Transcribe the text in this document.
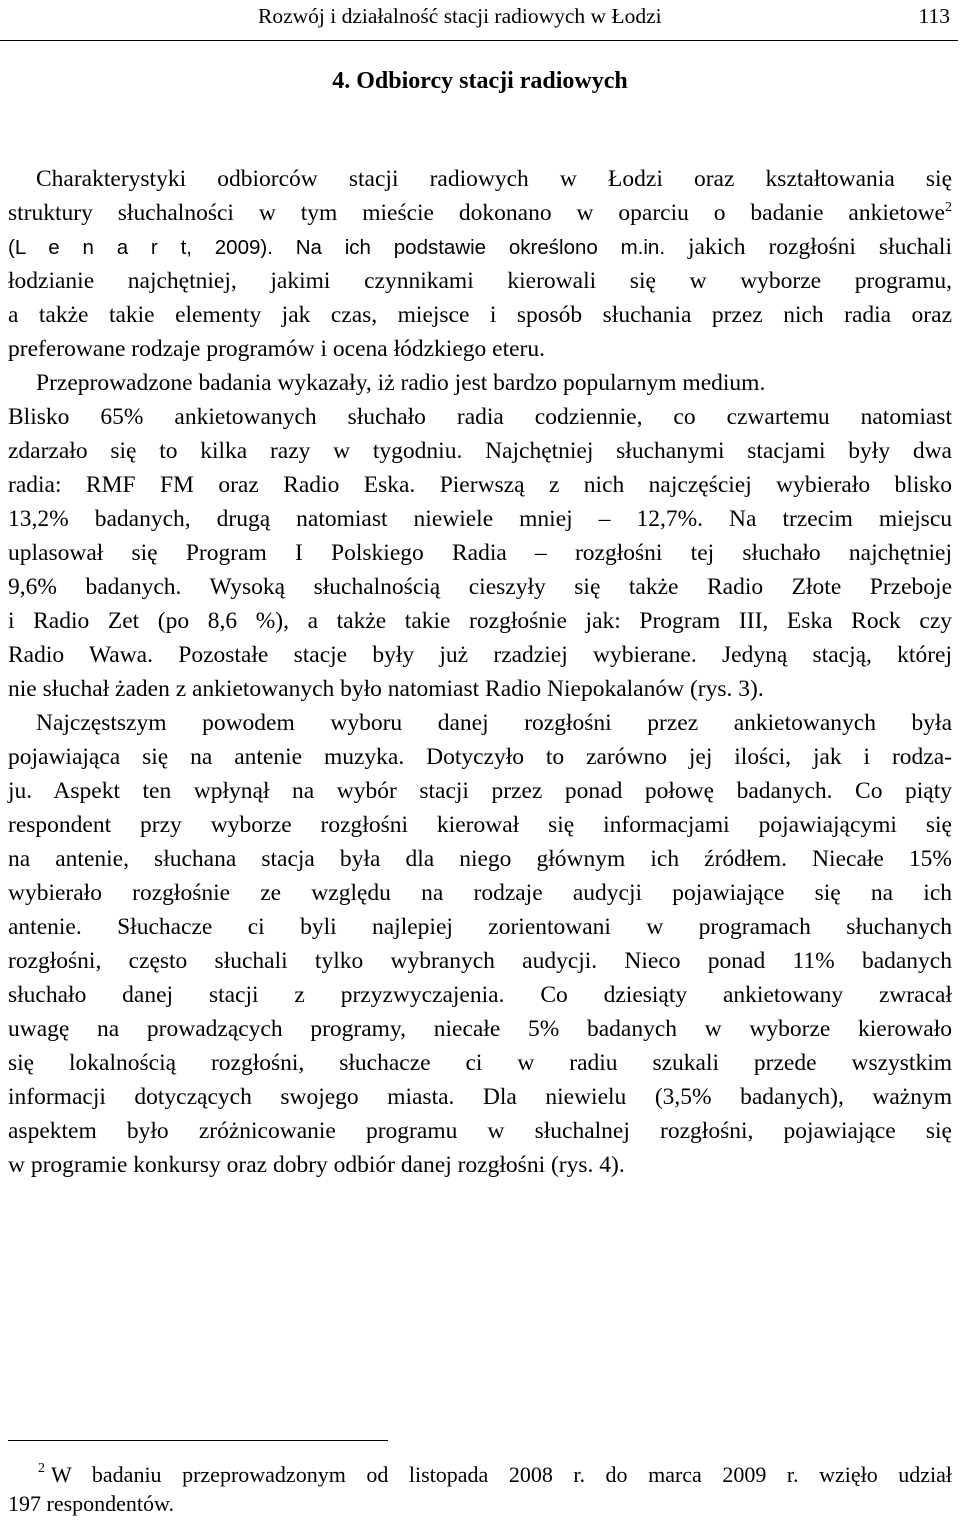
Rozwój i działalność stacji radiowych w Łodzi	113
4. Odbiorcy stacji radiowych
Charakterystyki odbiorców stacji radiowych w Łodzi oraz kształtowania się
struktury słuchalności w tym mieście dokonano w oparciu o badanie ankietowe$^2$
(L e n a r t, 2009). Na ich podstawie określono m.in. jakich rozgłośni słuchali
łodzianie najchętniej, jakimi czynnikami kierowali się w wyborze programu,
a także takie elementy jak czas, miejsce i sposób słuchania przez nich radia oraz
preferowane rodzaje programów i ocena łódzkiego eteru.
Przeprowadzone badania wykazały, iż radio jest bardzo popularnym medium.
Blisko 65% ankietowanych słuchało radia codziennie, co czwartemu natomiast
zdarzało się to kilka razy w tygodniu. Najchętniej słuchanymi stacjami były dwa
radia: RMF FM oraz Radio Eska. Pierwszą z nich najczęściej wybierało blisko
13,2% badanych, drugą natomiast niewiele mniej – 12,7%. Na trzecim miejscu
uplasował się Program I Polskiego Radia – rozgłośni tej słuchało najchętniej
9,6% badanych. Wysoką słuchalnością cieszyły się także Radio Złote Przeboje
i Radio Zet (po 8,6 %), a także takie rozgłośnie jak: Program III, Eska Rock czy
Radio Wawa. Pozostałe stacje były już rzadziej wybierane. Jedyną stacją, której
nie słuchał żaden z ankietowanych było natomiast Radio Niepokalanów (rys. 3).
Najczęstszym powodem wyboru danej rozgłośni przez ankietowanych była
pojawiająca się na antenie muzyka. Dotyczyło to zarówno jej ilości, jak i rodza-
ju. Aspekt ten wpłynął na wybór stacji przez ponad połowę badanych. Co piąty
respondent przy wyborze rozgłośni kierował się informacjami pojawiającymi się
na antenie, słuchana stacja była dla niego głównym ich źródłem. Niecałe 15%
wybierało rozgłośnie ze względu na rodzaje audycji pojawiające się na ich
antenie. Słuchacze ci byli najlepiej zorientowani w programach słuchanych
rozgłośni, często słuchali tylko wybranych audycji. Nieco ponad 11% badanych
słuchało danej stacji z przyzwyczajenia. Co dziesiąty ankietowany zwracał
uwagę na prowadzących programy, niecałe 5% badanych w wyborze kierowało
się lokalnością rozgłośni, słuchacze ci w radiu szukali przede wszystkim
informacji dotyczących swojego miasta. Dla niewielu (3,5% badanych), ważnym
aspektem było zróżnicowanie programu w słuchalnej rozgłośni, pojawiające się
w programie konkursy oraz dobry odbiór danej rozgłośni (rys. 4).
$^2$ W badaniu przeprowadzonym od listopada 2008 r. do marca 2009 r. wzięło udział
197 respondentów.
